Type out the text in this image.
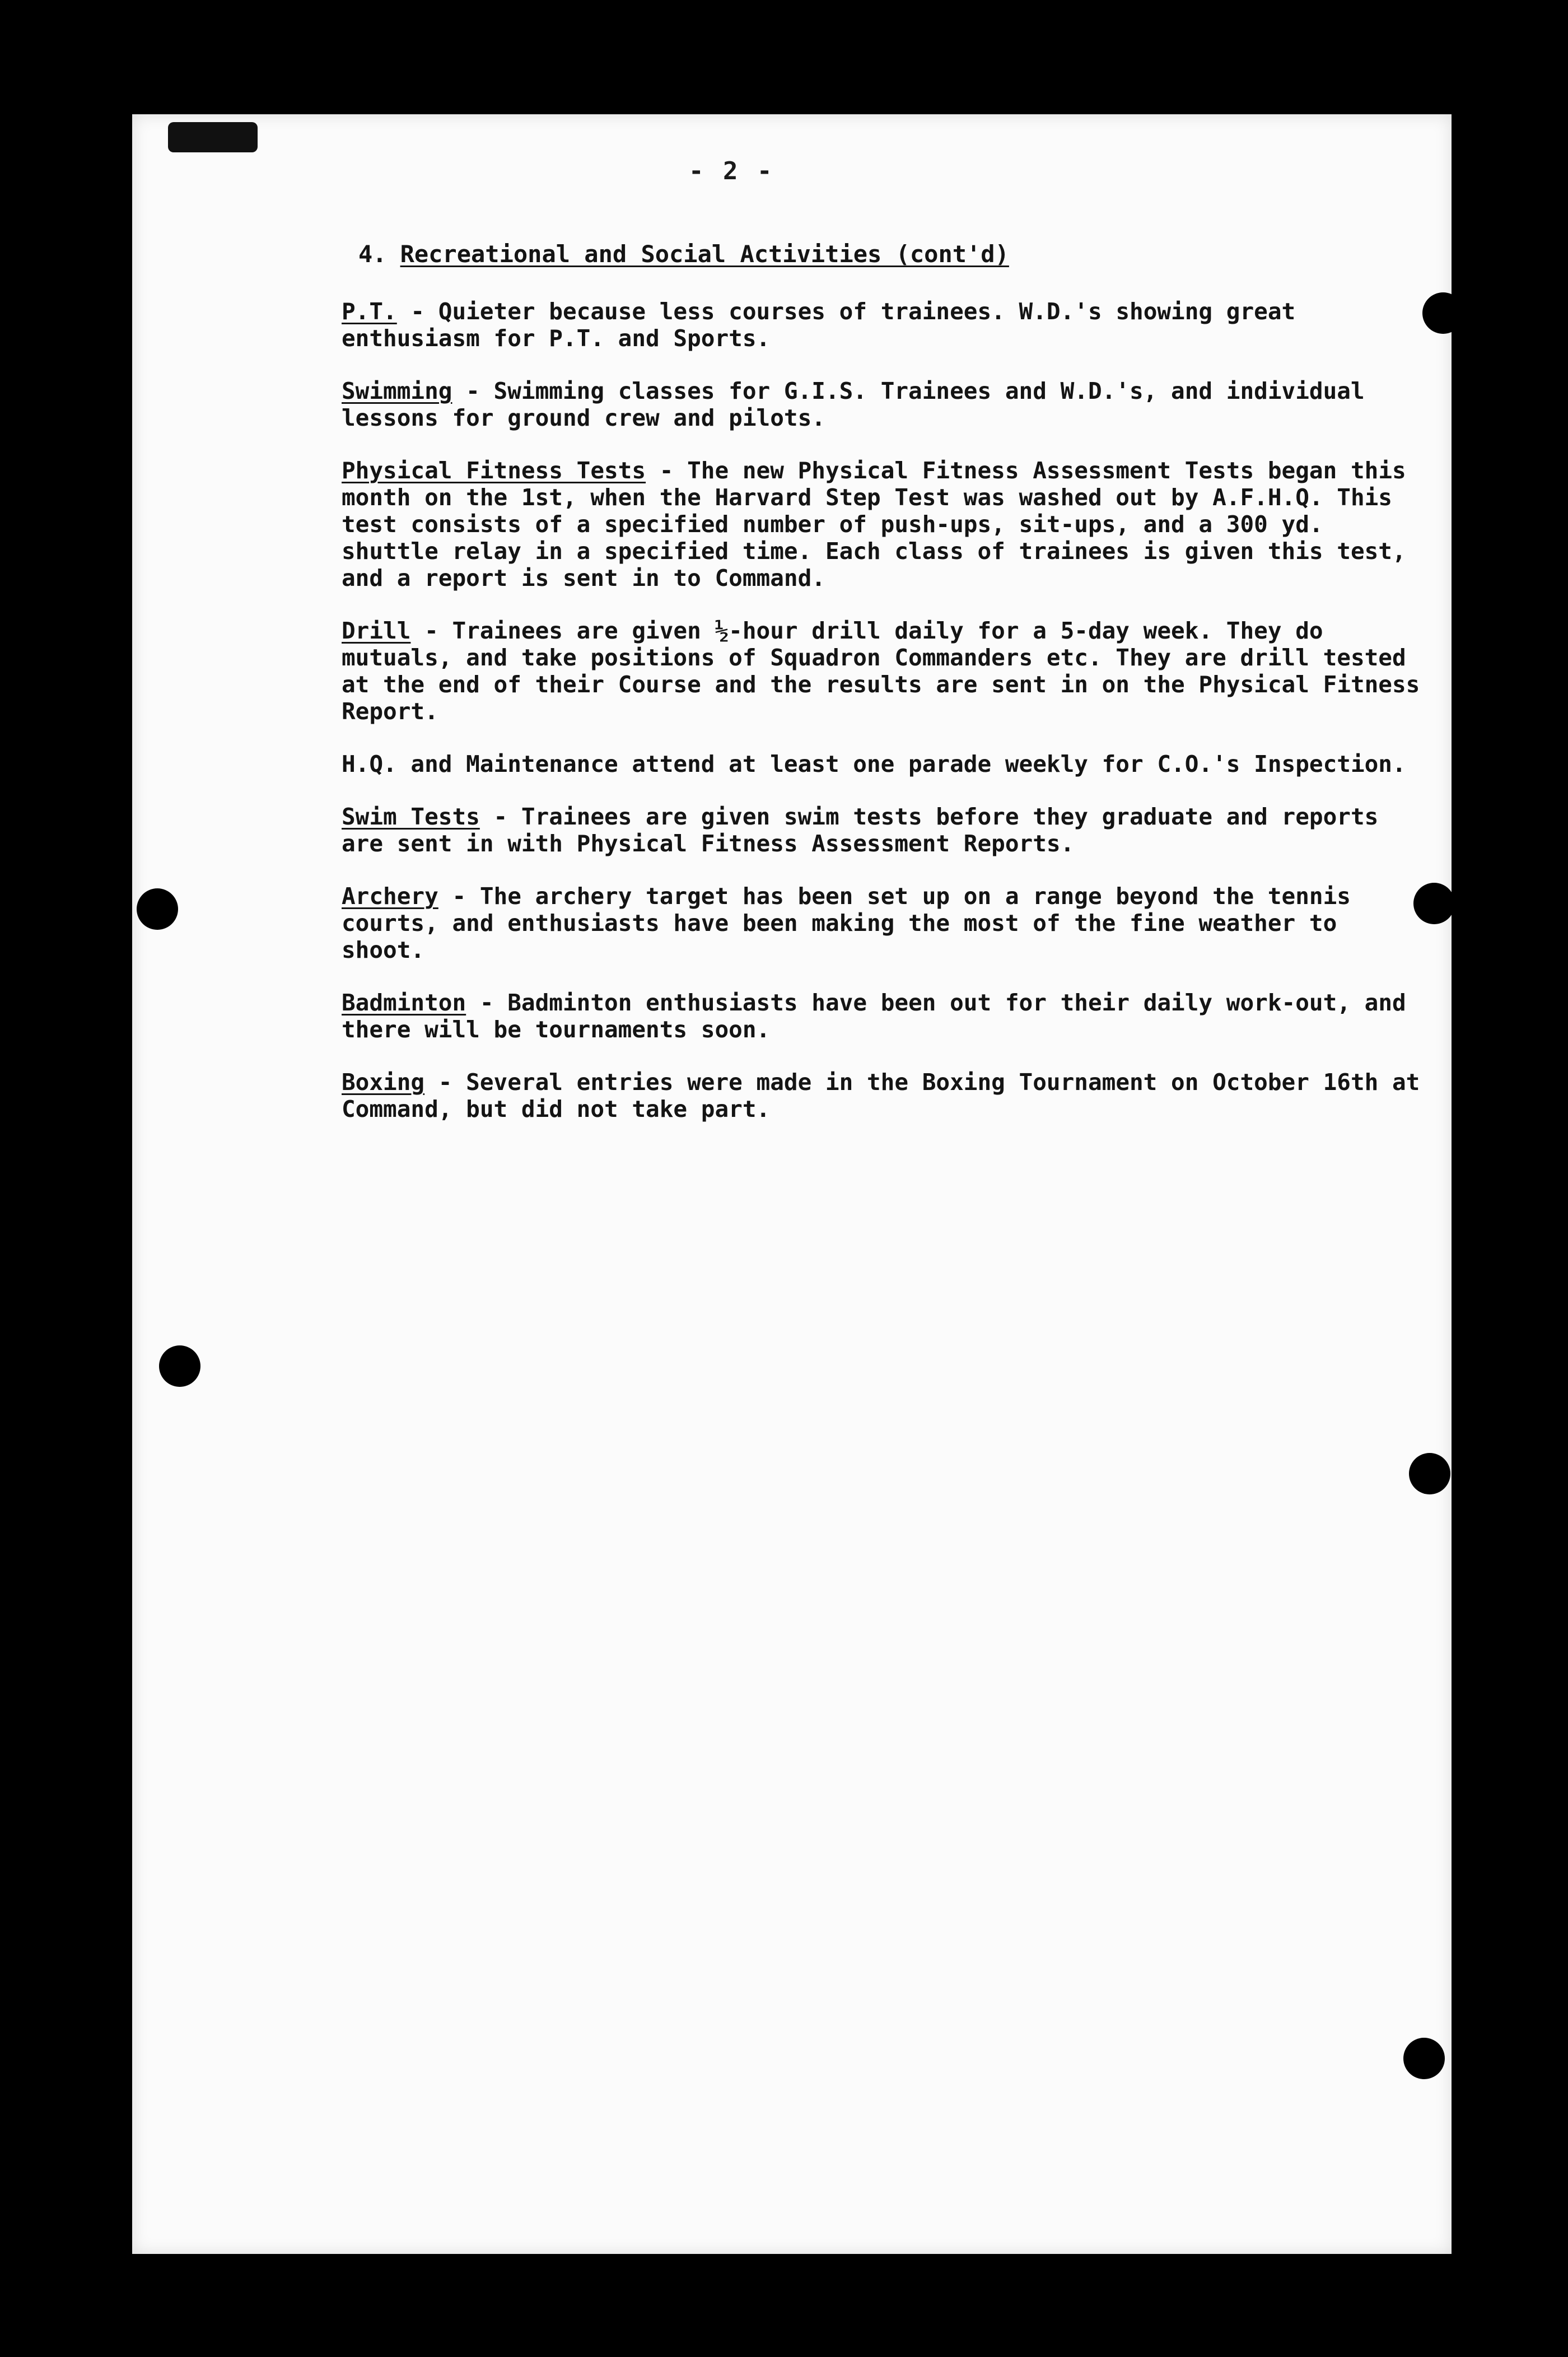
- 2 -
4. Recreational and Social Activities (cont'd)

P.T. - Quieter because less courses of trainees. W.D.'s showing great enthusiasm for P.T. and Sports.

Swimming - Swimming classes for G.I.S. Trainees and W.D.'s, and individual lessons for ground crew and pilots.

Physical Fitness Tests - The new Physical Fitness Assessment Tests began this month on the 1st, when the Harvard Step Test was washed out by A.F.H.Q. This test consists of a specified number of push-ups, sit-ups, and a 300 yd. shuttle relay in a specified time. Each class of trainees is given this test, and a report is sent in to Command.

Drill - Trainees are given ½-hour drill daily for a 5-day week. They do mutuals, and take positions of Squadron Commanders etc. They are drill tested at the end of their Course and the results are sent in on the Physical Fitness Report.

H.Q. and Maintenance attend at least one parade weekly for C.O.'s Inspection.

Swim Tests - Trainees are given swim tests before they graduate and reports are sent in with Physical Fitness Assessment Reports.

Archery - The archery target has been set up on a range beyond the tennis courts, and enthusiasts have been making the most of the fine weather to shoot.

Badminton - Badminton enthusiasts have been out for their daily work-out, and there will be tournaments soon.

Boxing - Several entries were made in the Boxing Tournament on October 16th at Command, but did not take part.
